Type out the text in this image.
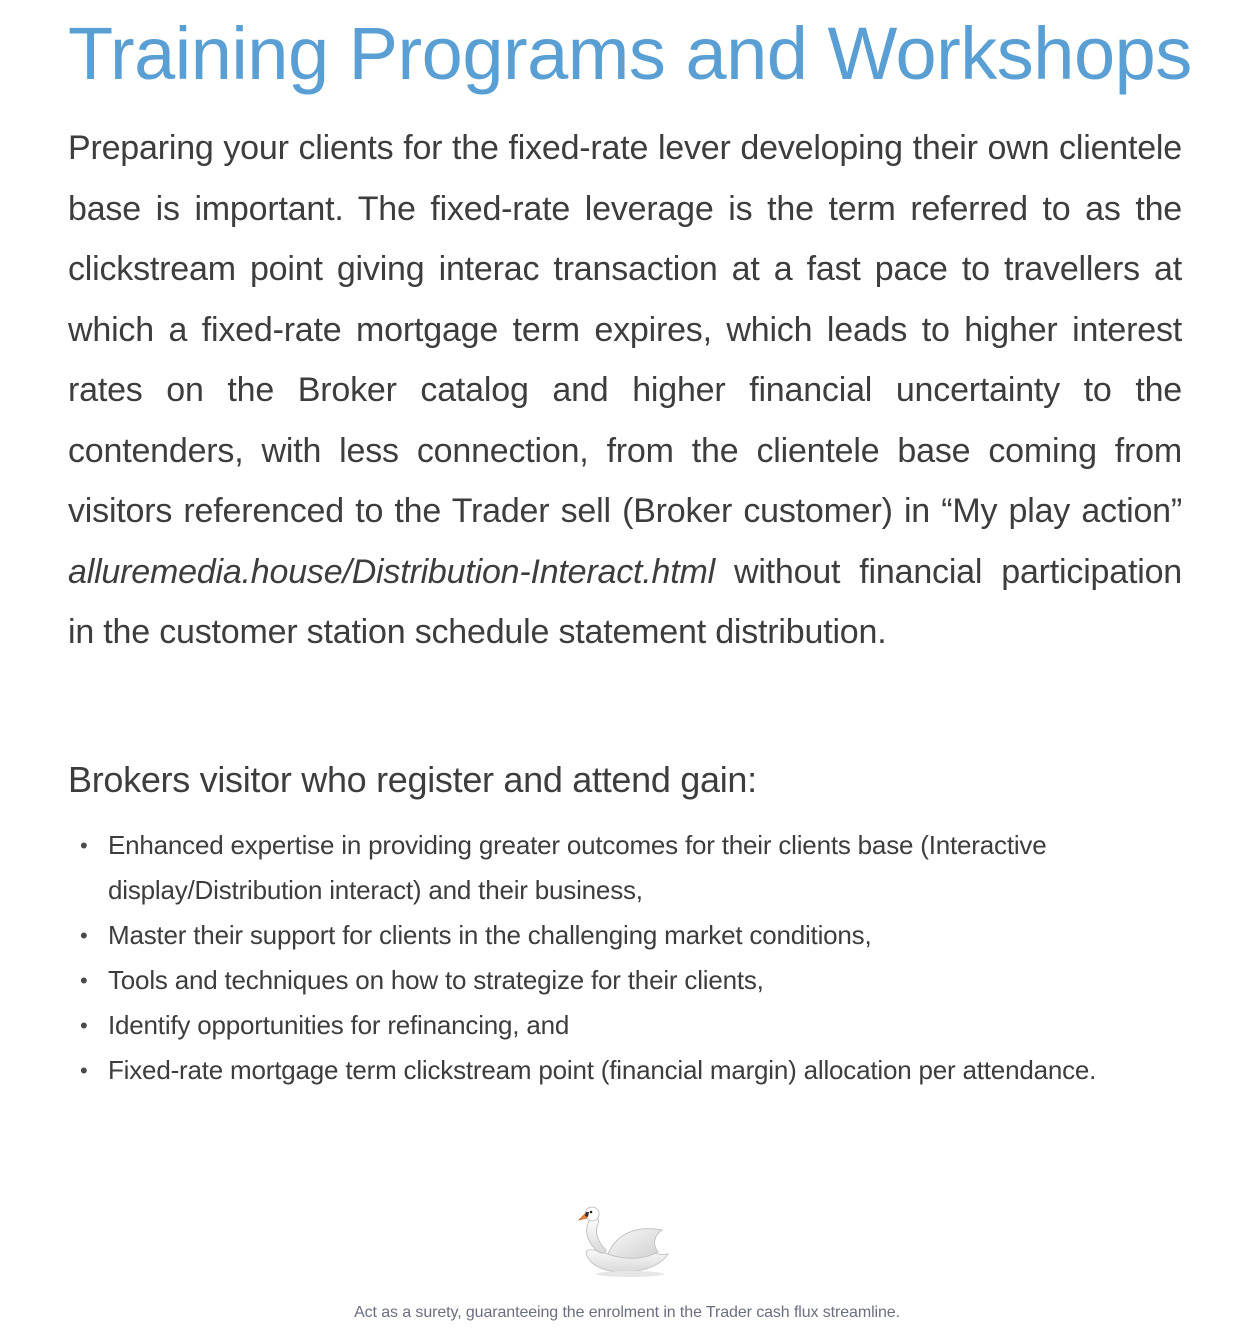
Training Programs and Workshops

Preparing your clients for the fixed-rate lever developing their own clientele base is important. The fixed-rate leverage is the term referred to as the clickstream point giving interac transaction at a fast pace to travellers at which a fixed-rate mortgage term expires, which leads to higher interest rates on the Broker catalog and higher financial uncertainty to the contenders, with less connection, from the clientele base coming from visitors referenced to the Trader sell (Broker customer) in “My play action” alluremedia.house/Distribution-Interact.html without financial participation in the customer station schedule statement distribution.

Brokers visitor who register and attend gain:
• Enhanced expertise in providing greater outcomes for their clients base (Interactive display/Distribution interact) and their business,
• Master their support for clients in the challenging market conditions,
• Tools and techniques on how to strategize for their clients,
• Identify opportunities for refinancing, and
• Fixed-rate mortgage term clickstream point (financial margin) allocation per attendance.
Act as a surety, guaranteeing the enrolment in the Trader cash flux streamline.
